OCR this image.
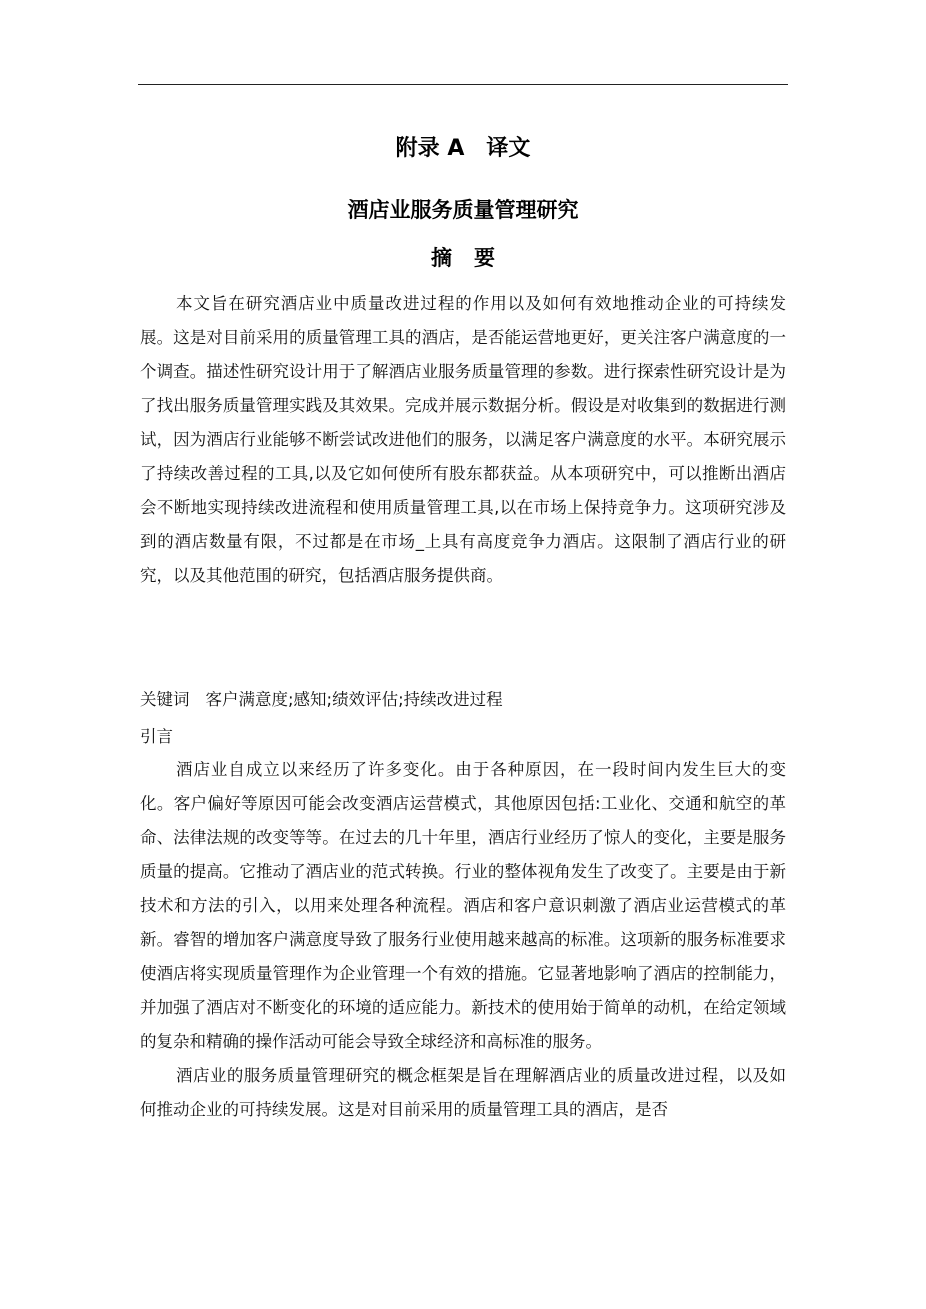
附录 A　译文
酒店业服务质量管理研究
摘要

本文旨在研究酒店业中质量改进过程的作用以及如何有效地推动企业的可持续发展。这是对目前采用的质量管理工具的酒店，是否能运营地更好，更关注客户满意度的一个调查。描述性研究设计用于了解酒店业服务质量管理的参数。进行探索性研究设计是为了找出服务质量管理实践及其效果。完成并展示数据分析。假设是对收集到的数据进行测试，因为酒店行业能够不断尝试改进他们的服务，以满足客户满意度的水平。本研究展示了持续改善过程的工具,以及它如何使所有股东都获益。从本项研究中，可以推断出酒店会不断地实现持续改进流程和使用质量管理工具,以在市场上保持竞争力。这项研究涉及到的酒店数量有限，不过都是在市场_上具有高度竞争力酒店。这限制了酒店行业的研究，以及其他范围的研究，包括酒店服务提供商。

关键词 客户满意度;感知;绩效评估;持续改进过程

引言

酒店业自成立以来经历了许多变化。由于各种原因，在一段时间内发生巨大的变化。客户偏好等原因可能会改变酒店运营模式，其他原因包括:工业化、交通和航空的革命、法律法规的改变等等。在过去的几十年里，酒店行业经历了惊人的变化，主要是服务质量的提高。它推动了酒店业的范式转换。行业的整体视角发生了改变了。主要是由于新技术和方法的引入，以用来处理各种流程。酒店和客户意识刺激了酒店业运营模式的革新。睿智的增加客户满意度导致了服务行业使用越来越高的标准。这项新的服务标准要求使酒店将实现质量管理作为企业管理一个有效的措施。它显著地影响了酒店的控制能力，并加强了酒店对不断变化的环境的适应能力。新技术的使用始于简单的动机，在给定领域的复杂和精确的操作活动可能会导致全球经济和高标准的服务。

酒店业的服务质量管理研究的概念框架是旨在理解酒店业的质量改进过程，以及如何推动企业的可持续发展。这是对目前采用的质量管理工具的酒店，是否
